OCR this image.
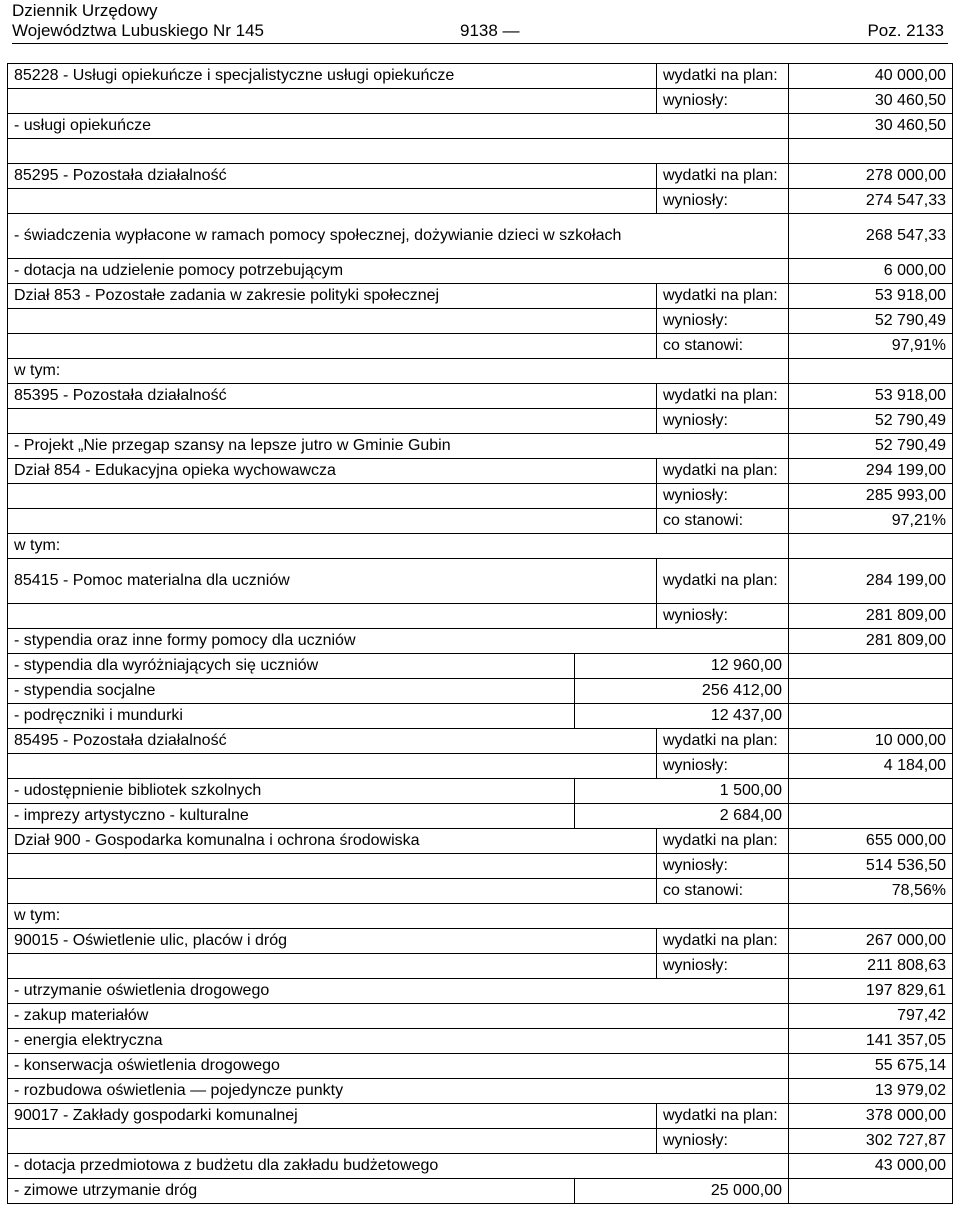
Dziennik Urzędowy
Województwa Lubuskiego Nr 145	9138 —	Poz. 2133
85228 - Usługi opiekuńcze i specjalistyczne usługi opiekuńcze		wydatki na plan:	40 000,00
		wyniosły:	30 460,50
- usługi opiekuńcze			30 460,50

85295 - Pozostała działalność		wydatki na plan:	278 000,00
		wyniosły:	274 547,33
- świadczenia wypłacone w ramach pomocy społecznej, dożywianie dzieci w szkołach			268 547,33
- dotacja na udzielenie pomocy potrzebującym			6 000,00
Dział 853 - Pozostałe zadania w zakresie polityki społecznej		wydatki na plan:	53 918,00
		wyniosły:	52 790,49
		co stanowi:	97,91%
w tym:			
85395 - Pozostała działalność		wydatki na plan:	53 918,00
		wyniosły:	52 790,49
- Projekt „Nie przegap szansy na lepsze jutro w Gminie Gubin			52 790,49
Dział 854 - Edukacyjna opieka wychowawcza		wydatki na plan:	294 199,00
		wyniosły:	285 993,00
		co stanowi:	97,21%
w tym:			
85415 - Pomoc materialna dla uczniów		wydatki na plan:	284 199,00
		wyniosły:	281 809,00
- stypendia oraz inne formy pomocy dla uczniów			281 809,00
- stypendia dla wyróżniających się uczniów	12 960,00		
- stypendia socjalne	256 412,00		
- podręczniki i mundurki	12 437,00		
85495 - Pozostała działalność		wydatki na plan:	10 000,00
		wyniosły:	4 184,00
- udostępnienie bibliotek szkolnych	1 500,00		
- imprezy artystyczno - kulturalne	2 684,00		
Dział 900 - Gospodarka komunalna i ochrona środowiska		wydatki na plan:	655 000,00
		wyniosły:	514 536,50
		co stanowi:	78,56%
w tym:			
90015 - Oświetlenie ulic, placów i dróg		wydatki na plan:	267 000,00
		wyniosły:	211 808,63
- utrzymanie oświetlenia drogowego			197 829,61
- zakup materiałów			797,42
- energia elektryczna			141 357,05
- konserwacja oświetlenia drogowego			55 675,14
- rozbudowa oświetlenia — pojedyncze punkty			13 979,02
90017 - Zakłady gospodarki komunalnej		wydatki na plan:	378 000,00
		wyniosły:	302 727,87
- dotacja przedmiotowa z budżetu dla zakładu budżetowego			43 000,00
- zimowe utrzymanie dróg	25 000,00		
